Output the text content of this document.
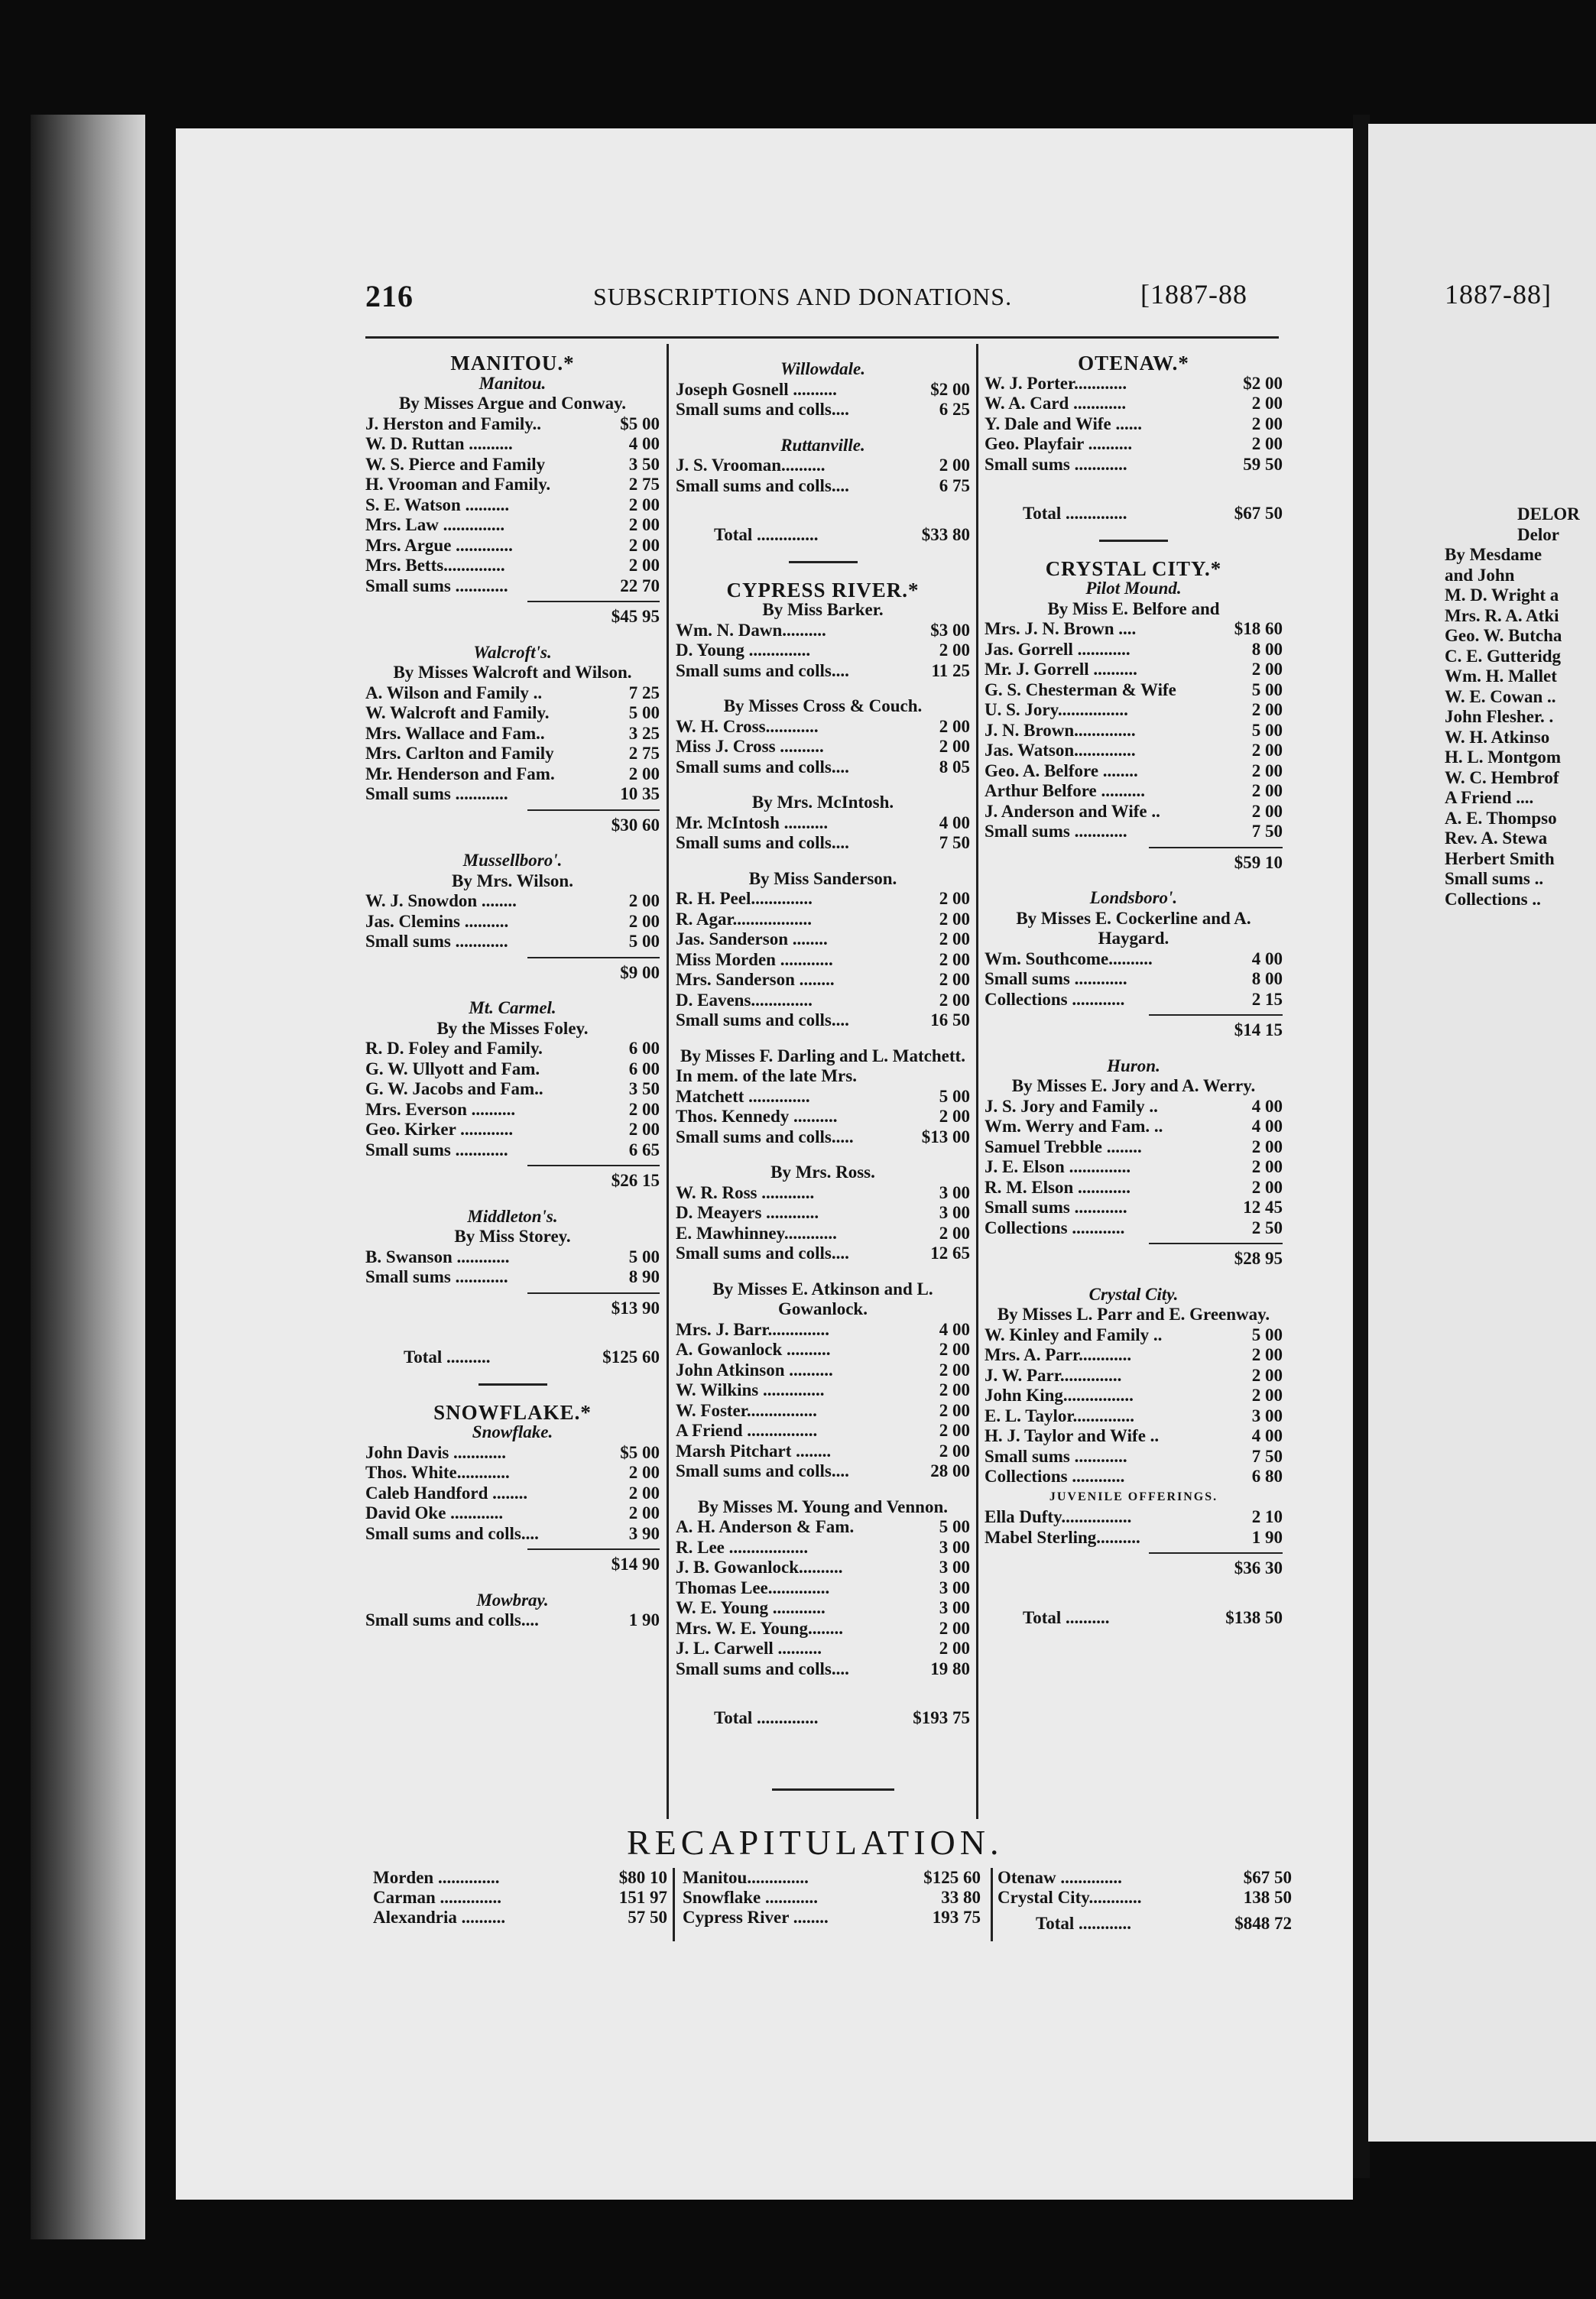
216	SUBSCRIPTIONS AND DONATIONS.	[1887-88	1887-88]
MANITOU.*
Manitou.
By Misses Argue and Conway.
J. Herston and Family..	$5 00
W. D. Ruttan ..........	4 00
W. S. Pierce and Family	3 50
H. Vrooman and Family.	2 75
S. E. Watson ..........	2 00
Mrs. Law ..............	2 00
Mrs. Argue .............	2 00
Mrs. Betts..............	2 00
Small sums ............	22 70
$45 95
Walcroft's.
By Misses Walcroft and Wilson.
A. Wilson and Family ..	7 25
W. Walcroft and Family.	5 00
Mrs. Wallace and Fam..	3 25
Mrs. Carlton and Family	2 75
Mr. Henderson and Fam.	2 00
Small sums ............	10 35
$30 60
Mussellboro'.
By Mrs. Wilson.
W. J. Snowdon ........	2 00
Jas. Clemins ..........	2 00
Small sums ............	5 00
$9 00
Mt. Carmel.
By the Misses Foley.
R. D. Foley and Family.	6 00
G. W. Ullyott and Fam.	6 00
G. W. Jacobs and Fam..	3 50
Mrs. Everson ..........	2 00
Geo. Kirker ............	2 00
Small sums ............	6 65
$26 15
Middleton's.
By Miss Storey.
B. Swanson ............	5 00
Small sums ............	8 90
$13 90
Total ..........	$125 60
SNOWFLAKE.*
Snowflake.
John Davis ............	$5 00
Thos. White............	2 00
Caleb Handford ........	2 00
David Oke ............	2 00
Small sums and colls....	3 90
$14 90
Mowbray.
Small sums and colls....	1 90
Willowdale.
Joseph Gosnell ..........	$2 00
Small sums and colls....	6 25
Ruttanville.
J. S. Vrooman..........	2 00
Small sums and colls....	6 75
Total ..............	$33 80
CYPRESS RIVER.*
By Miss Barker.
Wm. N. Dawn..........	$3 00
D. Young ..............	2 00
Small sums and colls....	11 25
By Misses Cross & Couch.
W. H. Cross............	2 00
Miss J. Cross ..........	2 00
Small sums and colls....	8 05
By Mrs. McIntosh.
Mr. McIntosh ..........	4 00
Small sums and colls....	7 50
By Miss Sanderson.
R. H. Peel..............	2 00
R. Agar..................	2 00
Jas. Sanderson ........	2 00
Miss Morden ............	2 00
Mrs. Sanderson ........	2 00
D. Eavens..............	2 00
Small sums and colls....	16 50
By Misses F. Darling and L. Matchett.
In mem. of the late Mrs.
Matchett ..............	5 00
Thos. Kennedy ..........	2 00
Small sums and colls.....	$13 00
By Mrs. Ross.
W. R. Ross ............	3 00
D. Meayers ............	3 00
E. Mawhinney............	2 00
Small sums and colls....	12 65
By Misses E. Atkinson and L. Gowanlock.
Mrs. J. Barr..............	4 00
A. Gowanlock ..........	2 00
John Atkinson ..........	2 00
W. Wilkins ..............	2 00
W. Foster................	2 00
A Friend ................	2 00
Marsh Pitchart ........	2 00
Small sums and colls....	28 00
By Misses M. Young and Vennon.
A. H. Anderson & Fam.	5 00
R. Lee ..................	3 00
J. B. Gowanlock..........	3 00
Thomas Lee..............	3 00
W. E. Young ............	3 00
Mrs. W. E. Young........	2 00
J. L. Carwell ..........	2 00
Small sums and colls....	19 80
Total ..............	$193 75
OTENAW.*
W. J. Porter............	$2 00
W. A. Card ............	2 00
Y. Dale and Wife ......	2 00
Geo. Playfair ..........	2 00
Small sums ............	59 50
Total ..............	$67 50
CRYSTAL CITY.*
Pilot Mound.
By Miss E. Belfore and
Mrs. J. N. Brown ....	$18 60
Jas. Gorrell ............	8 00
Mr. J. Gorrell ..........	2 00
G. S. Chesterman & Wife	5 00
U. S. Jory................	2 00
J. N. Brown..............	5 00
Jas. Watson..............	2 00
Geo. A. Belfore ........	2 00
Arthur Belfore ..........	2 00
J. Anderson and Wife ..	2 00
Small sums ............	7 50
$59 10
Londsboro'.
By Misses E. Cockerline and A. Haygard.
Wm. Southcome..........	4 00
Small sums ............	8 00
Collections ............	2 15
$14 15
Huron.
By Misses E. Jory and A. Werry.
J. S. Jory and Family ..	4 00
Wm. Werry and Fam. ..	4 00
Samuel Trebble ........	2 00
J. E. Elson ..............	2 00
R. M. Elson ............	2 00
Small sums ............	12 45
Collections ............	2 50
$28 95
Crystal City.
By Misses L. Parr and E. Greenway.
W. Kinley and Family ..	5 00
Mrs. A. Parr............	2 00
J. W. Parr..............	2 00
John King................	2 00
E. L. Taylor..............	3 00
H. J. Taylor and Wife ..	4 00
Small sums ............	7 50
Collections ............	6 80
JUVENILE OFFERINGS.
Ella Dufty................	2 10
Mabel Sterling..........	1 90
$36 30
Total ..........	$138 50
RECAPITULATION.
Morden ..............	$80 10
Carman ..............	151 97
Alexandria ..........	57 50
Manitou..............	$125 60
Snowflake ............	33 80
Cypress River ........	193 75
Otenaw ..............	$67 50
Crystal City............	138 50
Total ............	$848 72
DELOR
Delor
By Mesdame
and John
M. D. Wright a
Mrs. R. A. Atki
Geo. W. Butcha
C. E. Gutteridg
Wm. H. Mallet
W. E. Cowan ..
John Flesher. .
W. H. Atkinso
H. L. Montgom
W. C. Hembrof
A Friend ....
A. E. Thompso
Rev. A. Stewa
Herbert Smith
Small sums ..
Collections ..
